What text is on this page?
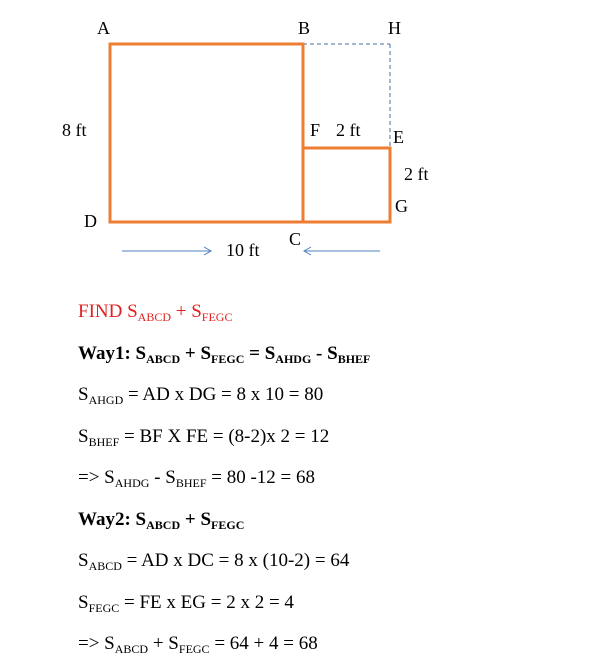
A	B	H
F	E
G
D
C
8 ft	2 ft
2 ft
10 ft
FIND $S_{ABCD} + S_{FEGC}$
Way1: $S_{ABCD} + S_{FEGC} = S_{AHDG} - S_{BHEF}$
$S_{AHGD}$ = AD x DG = 8 x 10 = 80
$S_{BHEF}$ = BF X FE = (8-2)x 2 = 12
=> $S_{AHDG} - S_{BHEF} = 80$ -12 = 68
Way2: $S_{ABCD} + S_{FEGC}$
$S_{ABCD}$ = AD x DC = 8 x (10-2) = 64
$S_{FEGC}$ = FE x EG = 2 x 2 = 4
=> $S_{ABCD} + S_{FEGC} = 64 + 4 = 68$
